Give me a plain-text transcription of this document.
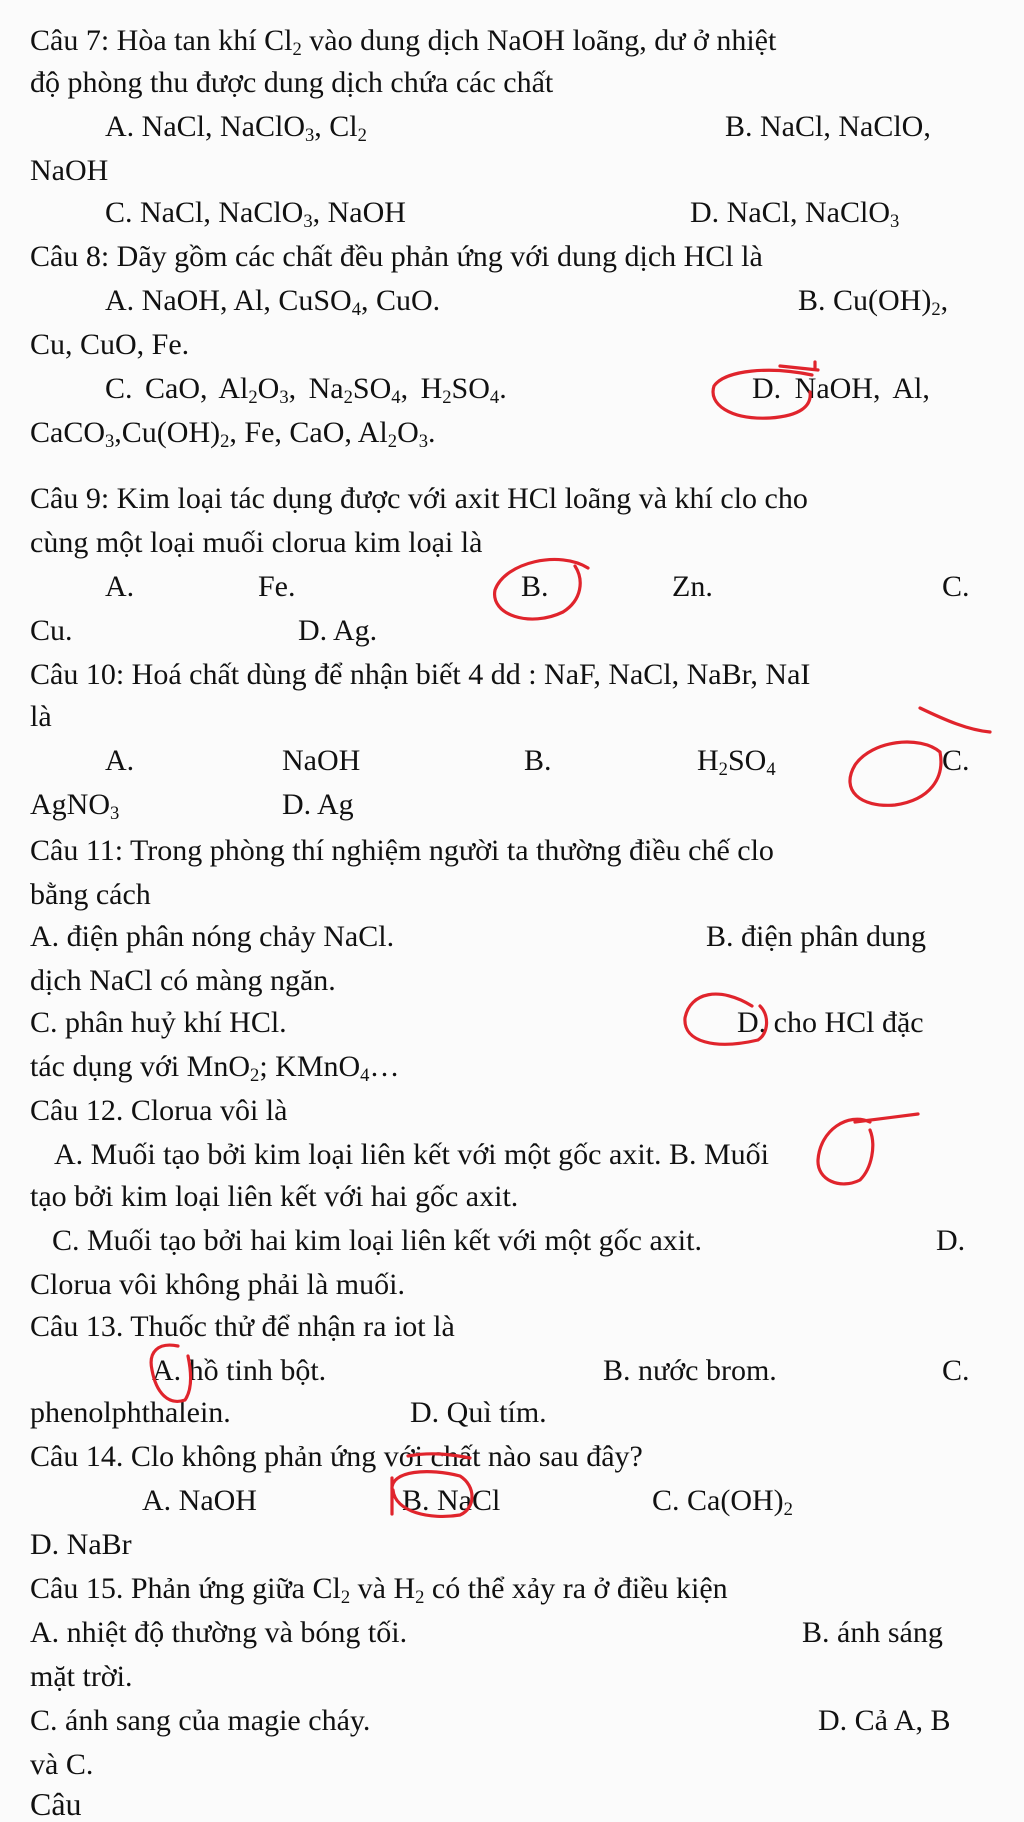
Câu 7: Hòa tan khí $Cl_2$ vào dung dịch NaOH loãng, dư ở nhiệt
độ phòng thu được dung dịch chứa các chất
A. NaCl, NaClO$_3$, $Cl_2$	B. NaCl, NaClO,
NaOH
C. NaCl, NaClO$_3$, NaOH	D. NaCl, NaClO$_3$
Câu 8: Dãy gồm các chất đều phản ứng với dung dịch HCl là
A. NaOH, Al, CuSO$_4$, CuO.	B. $Cu(OH)_2$,
Cu, CuO, Fe.
C. CaO, $Al_2O_3$, $Na_2SO_4$, $H_2SO_4$.	D. NaOH, Al,
$CaCO_3,Cu(OH)_2$, Fe, CaO, $Al_2O_3$.
Câu 9: Kim loại tác dụng được với axit HCl loãng và khí clo cho
cùng một loại muối clorua kim loại là
A.	Fe.	B.	Zn.	C.
Cu.	D. Ag.
Câu 10: Hoá chất dùng để nhận biết 4 dd : NaF, NaCl, NaBr, NaI
là
A.	NaOH	B.	$H_2SO_4$	C.
AgNO$_3$	D. Ag
Câu 11: Trong phòng thí nghiệm người ta thường điều chế clo
bằng cách
A. điện phân nóng chảy NaCl.	B. điện phân dung
dịch NaCl có màng ngăn.
C. phân huỷ khí HCl.	D. cho HCl đặc
tác dụng với MnO$_2$; KMnO$_4$…
Câu 12. Clorua vôi là
A. Muối tạo bởi kim loại liên kết với một gốc axit. B. Muối
tạo bởi kim loại liên kết với hai gốc axit.
C. Muối tạo bởi hai kim loại liên kết với một gốc axit.	D.
Clorua vôi không phải là muối.
Câu 13. Thuốc thử để nhận ra iot là
A. hồ tinh bột.	B. nước brom.	C.
phenolphthalein.	D. Quì tím.
Câu 14. Clo không phản ứng với chất nào sau đây?
A. NaOH	B. NaCl	C. $Ca(OH)_2$
D. NaBr
Câu 15. Phản ứng giữa $Cl_2$ và $H_2$ có thể xảy ra ở điều kiện
A. nhiệt độ thường và bóng tối.	B. ánh sáng
mặt trời.
C. ánh sang của magie cháy.	D. Cả A, B
và C.
Câu
